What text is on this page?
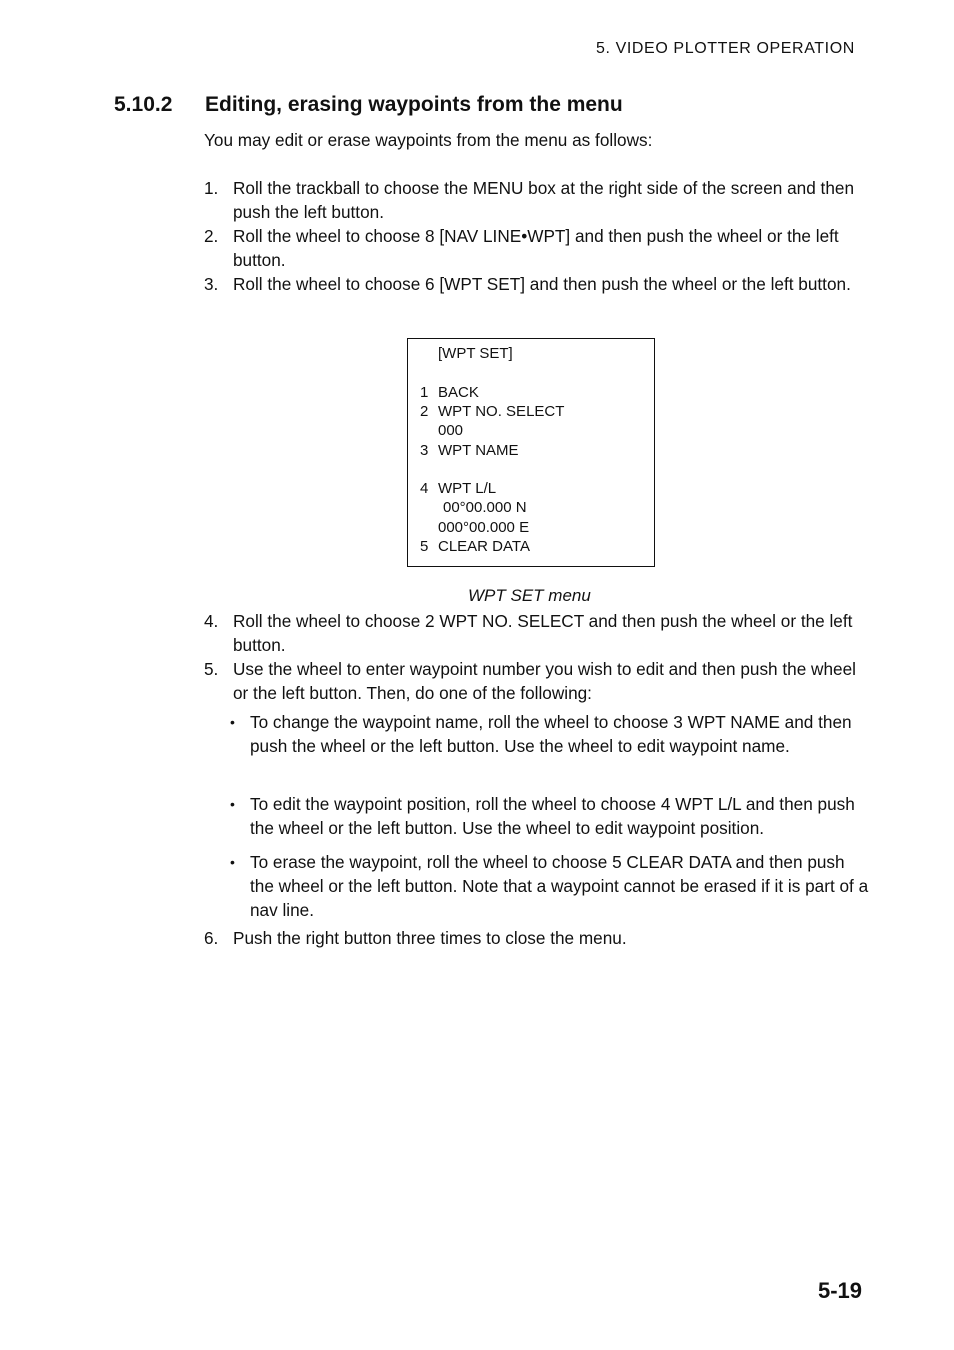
5. VIDEO PLOTTER OPERATION
5.10.2 Editing, erasing waypoints from the menu
You may edit or erase waypoints from the menu as follows:
1. Roll the trackball to choose the MENU box at the right side of the screen and then push the left button.
2. Roll the wheel to choose 8 [NAV LINE•WPT] and then push the wheel or the left button.
3. Roll the wheel to choose 6 [WPT SET] and then push the wheel or the left button.
[WPT SET]
1 BACK
2 WPT NO. SELECT
000
3 WPT NAME
4 WPT L/L
00°00.000 N
000°00.000 E
5 CLEAR DATA
WPT SET menu
4. Roll the wheel to choose 2 WPT NO. SELECT and then push the wheel or the left button.
5. Use the wheel to enter waypoint number you wish to edit and then push the wheel or the left button. Then, do one of the following:
• To change the waypoint name, roll the wheel to choose 3 WPT NAME and then push the wheel or the left button. Use the wheel to edit waypoint name.
• To edit the waypoint position, roll the wheel to choose 4 WPT L/L and then push the wheel or the left button. Use the wheel to edit waypoint position.
• To erase the waypoint, roll the wheel to choose 5 CLEAR DATA and then push the wheel or the left button. Note that a waypoint cannot be erased if it is part of a nav line.
6. Push the right button three times to close the menu.
5-19
